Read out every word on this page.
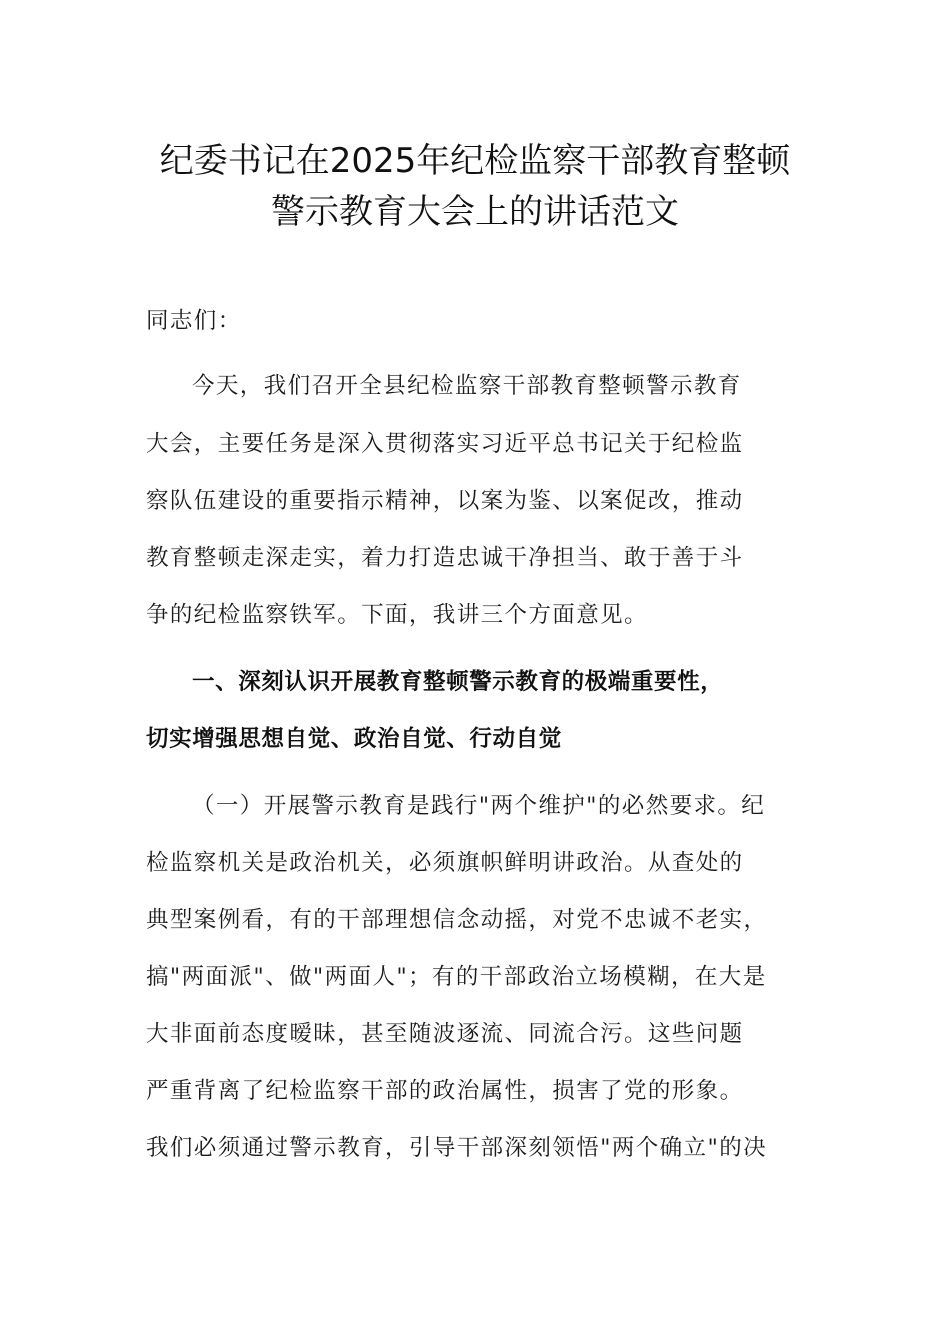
纪委书记在2025年纪检监察干部教育整顿
警示教育大会上的讲话范文
同志们：
今天，我们召开全县纪检监察干部教育整顿警示教育
大会，主要任务是深入贯彻落实习近平总书记关于纪检监
察队伍建设的重要指示精神，以案为鉴、以案促改，推动
教育整顿走深走实，着力打造忠诚干净担当、敢于善于斗
争的纪检监察铁军。下面，我讲三个方面意见。
一、深刻认识开展教育整顿警示教育的极端重要性，
切实增强思想自觉、政治自觉、行动自觉
（一）开展警示教育是践行"两个维护"的必然要求。纪
检监察机关是政治机关，必须旗帜鲜明讲政治。从查处的
典型案例看，有的干部理想信念动摇，对党不忠诚不老实，
搞"两面派"、做"两面人"；有的干部政治立场模糊，在大是
大非面前态度暧昧，甚至随波逐流、同流合污。这些问题
严重背离了纪检监察干部的政治属性，损害了党的形象。
我们必须通过警示教育，引导干部深刻领悟"两个确立"的决
